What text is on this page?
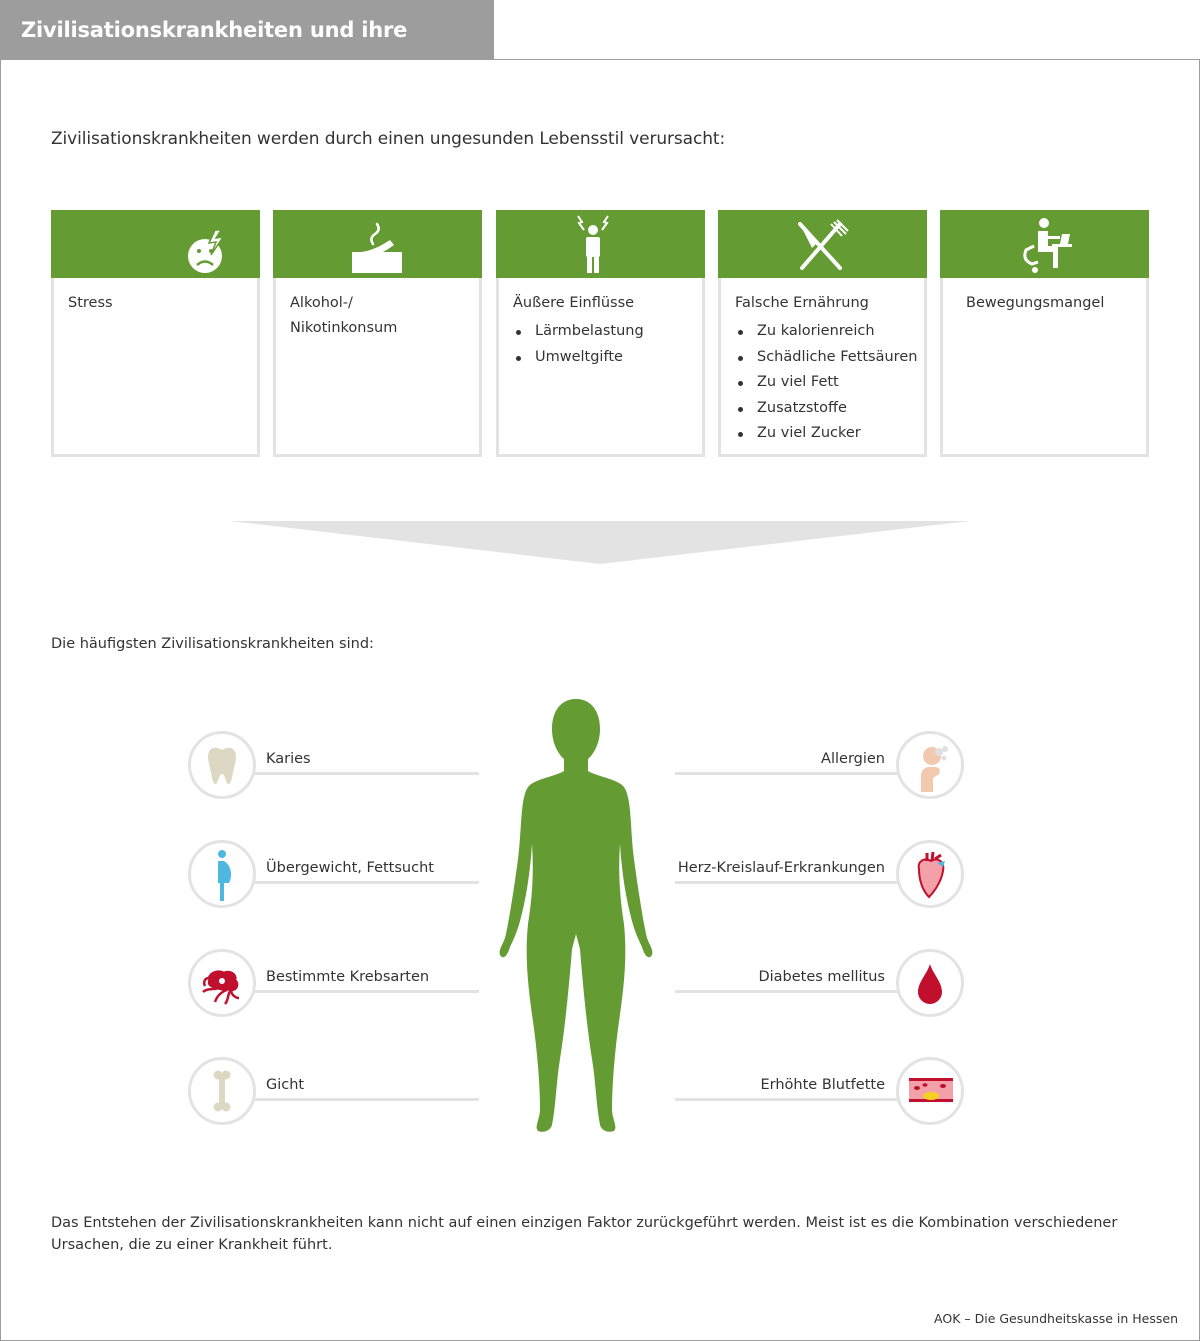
Zivilisationskrankheiten und ihre Ursachen
Zivilisationskrankheiten werden durch einen ungesunden Lebensstil verursacht:
Stress	Alkohol-/
Nikotinkonsum
Äußere Einflüsse
Lärmbelastung
Umweltgifte
Falsche Ernährung
Zu kalorienreich
Schädliche Fettsäuren
Zu viel Fett
Zusatzstoffe
Zu viel Zucker
Bewegungsmangel
Die häufigsten Zivilisationskrankheiten sind:
Karies
Übergewicht, Fettsucht
Bestimmte Krebsarten
Gicht
Allergien
Herz-Kreislauf-Erkrankungen
Diabetes mellitus
Erhöhte Blutfette
Das Entstehen der Zivilisationskrankheiten kann nicht auf einen einzigen Faktor zurückgeführt werden. Meist ist es die Kombination verschiedener Ursachen, die zu einer Krankheit führt.
AOK – Die Gesundheitskasse in Hessen
